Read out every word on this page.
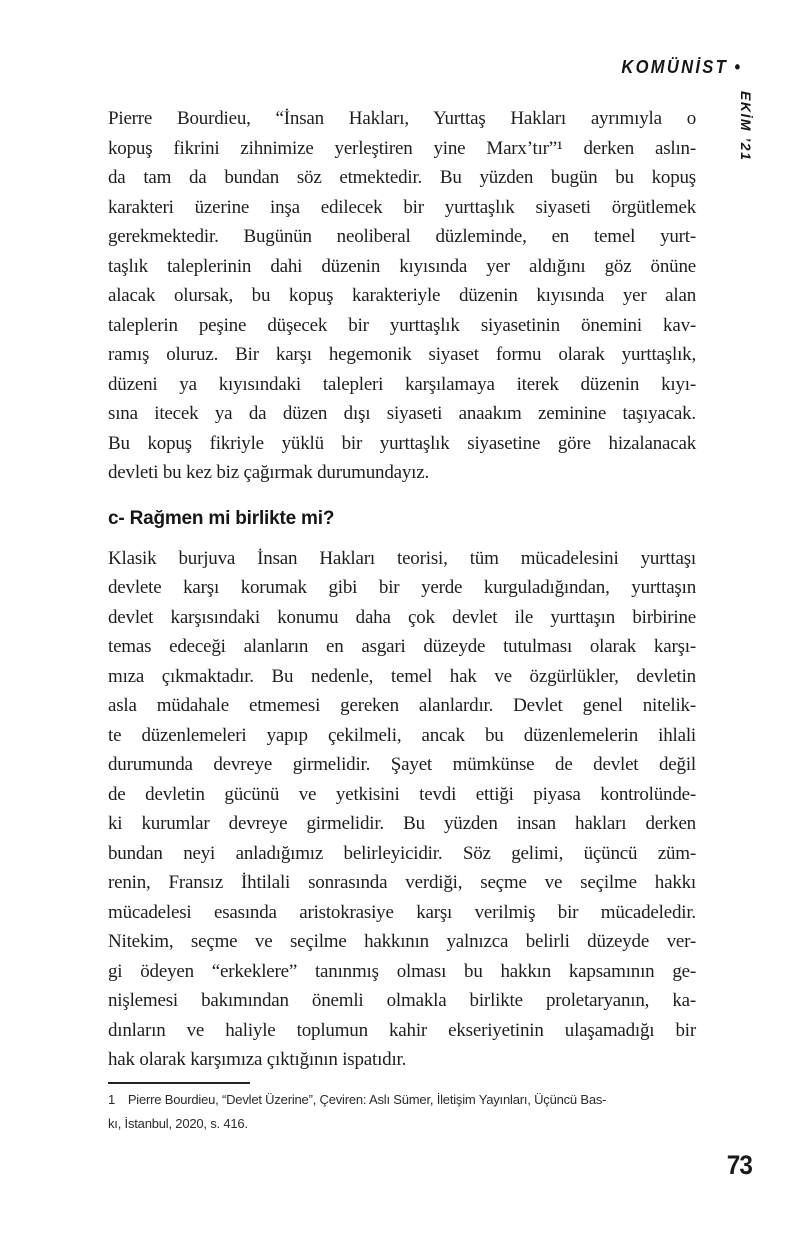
KOMÜNİST •
EKİM ’21
Pierre Bourdieu, “İnsan Hakları, Yurttaş Hakları ayrımıyla o
kopuş fikrini zihnimize yerleştiren yine Marx’tır”¹ derken aslın-
da tam da bundan söz etmektedir. Bu yüzden bugün bu kopuş
karakteri üzerine inşa edilecek bir yurttaşlık siyaseti örgütlemek
gerekmektedir. Bugünün neoliberal düzleminde, en temel yurt-
taşlık taleplerinin dahi düzenin kıyısında yer aldığını göz önüne
alacak olursak, bu kopuş karakteriyle düzenin kıyısında yer alan
taleplerin peşine düşecek bir yurttaşlık siyasetinin önemini kav-
ramış oluruz. Bir karşı hegemonik siyaset formu olarak yurttaşlık,
düzeni ya kıyısındaki talepleri karşılamaya iterek düzenin kıyı-
sına itecek ya da düzen dışı siyaseti anaakım zeminine taşıyacak.
Bu kopuş fikriyle yüklü bir yurttaşlık siyasetine göre hizalanacak
devleti bu kez biz çağırmak durumundayız.
c- Rağmen mi birlikte mi?
Klasik burjuva İnsan Hakları teorisi, tüm mücadelesini yurttaşı
devlete karşı korumak gibi bir yerde kurguladığından, yurttaşın
devlet karşısındaki konumu daha çok devlet ile yurttaşın birbirine
temas edeceği alanların en asgari düzeyde tutulması olarak karşı-
mıza çıkmaktadır. Bu nedenle, temel hak ve özgürlükler, devletin
asla müdahale etmemesi gereken alanlardır. Devlet genel nitelik-
te düzenlemeleri yapıp çekilmeli, ancak bu düzenlemelerin ihlali
durumunda devreye girmelidir. Şayet mümkünse de devlet değil
de devletin gücünü ve yetkisini tevdi ettiği piyasa kontrolünde-
ki kurumlar devreye girmelidir. Bu yüzden insan hakları derken
bundan neyi anladığımız belirleyicidir. Söz gelimi, üçüncü züm-
renin, Fransız İhtilali sonrasında verdiği, seçme ve seçilme hakkı
mücadelesi esasında aristokrasiye karşı verilmiş bir mücadeledir.
Nitekim, seçme ve seçilme hakkının yalnızca belirli düzeyde ver-
gi ödeyen “erkeklere” tanınmış olması bu hakkın kapsamının ge-
nişlemesi bakımından önemli olmakla birlikte proletaryanın, ka-
dınların ve haliyle toplumun kahir ekseriyetinin ulaşamadığı bir
hak olarak karşımıza çıktığının ispatıdır.
1 Pierre Bourdieu, “Devlet Üzerine”, Çeviren: Aslı Sümer, İletişim Yayınları, Üçüncü Bas-
kı, İstanbul, 2020, s. 416.
73
